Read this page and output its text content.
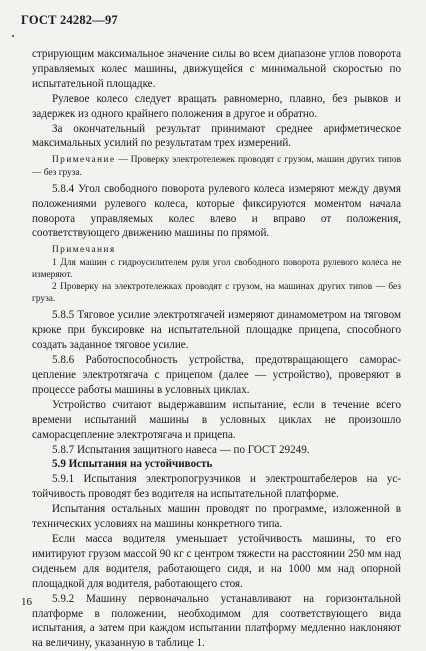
ГОСТ 24282—97

стрирующим максимальное значение силы во всем диапазоне углов поворота управляемых колес машины, движущейся с минимальной скоростью по испытательной площадке.

Рулевое колесо следует вращать равномерно, плавно, без рывков и задержек из одного крайнего положения в другое и обратно.

За окончательный результат принимают среднее арифметическое максимальных усилий по результатам трех измерений.

Примечание — Проверку электротележек проводят с грузом, машин других типов — без груза.

5.8.4 Угол свободного поворота рулевого колеса измеряют между двумя положениями рулевого колеса, которые фиксируются моментом начала поворота управляемых колес влево и вправо от положения, соответствующего движению машины по прямой.

Примечания

1 Для машин с гидроусилителем руля угол свободного поворота рулевого колеса не измеряют.

2 Проверку на электротележках проводят с грузом, на машинах других типов — без груза.

5.8.5 Тяговое усилие электротягачей измеряют динамометром на тяговом крюке при буксировке на испытательной площадке прицепа, способного создать заданное тяговое усилие.

5.8.6 Работоспособность устройства, предотвращающего саморасцепление электротягача с прицепом (далее — устройство), проверяют в процессе работы машины в условных циклах.

Устройство считают выдержавшим испытание, если в течение всего времени испытаний машины в условных циклах не произошло саморасцепление электротягача и прицепа.

5.8.7 Испытания защитного навеса — по ГОСТ 29249.

5.9 Испытания на устойчивость

5.9.1 Испытания электропогрузчиков и электроштабелеров на устойчивость проводят без водителя на испытательной платформе.

Испытания остальных машин проводят по программе, изложенной в технических условиях на машины конкретного типа.

Если масса водителя уменьшает устойчивость машины, то его имитируют грузом массой 90 кг с центром тяжести на расстоянии 250 мм над сиденьем для водителя, работающего сидя, и на 1000 мм над опорной площадкой для водителя, работающего стоя.

5.9.2 Машину первоначально устанавливают на горизонтальной платформе в положении, необходимом для соответствующего вида испытания, а затем при каждом испытании платформу медленно наклоняют на величину, указанную в таблице 1.

16
